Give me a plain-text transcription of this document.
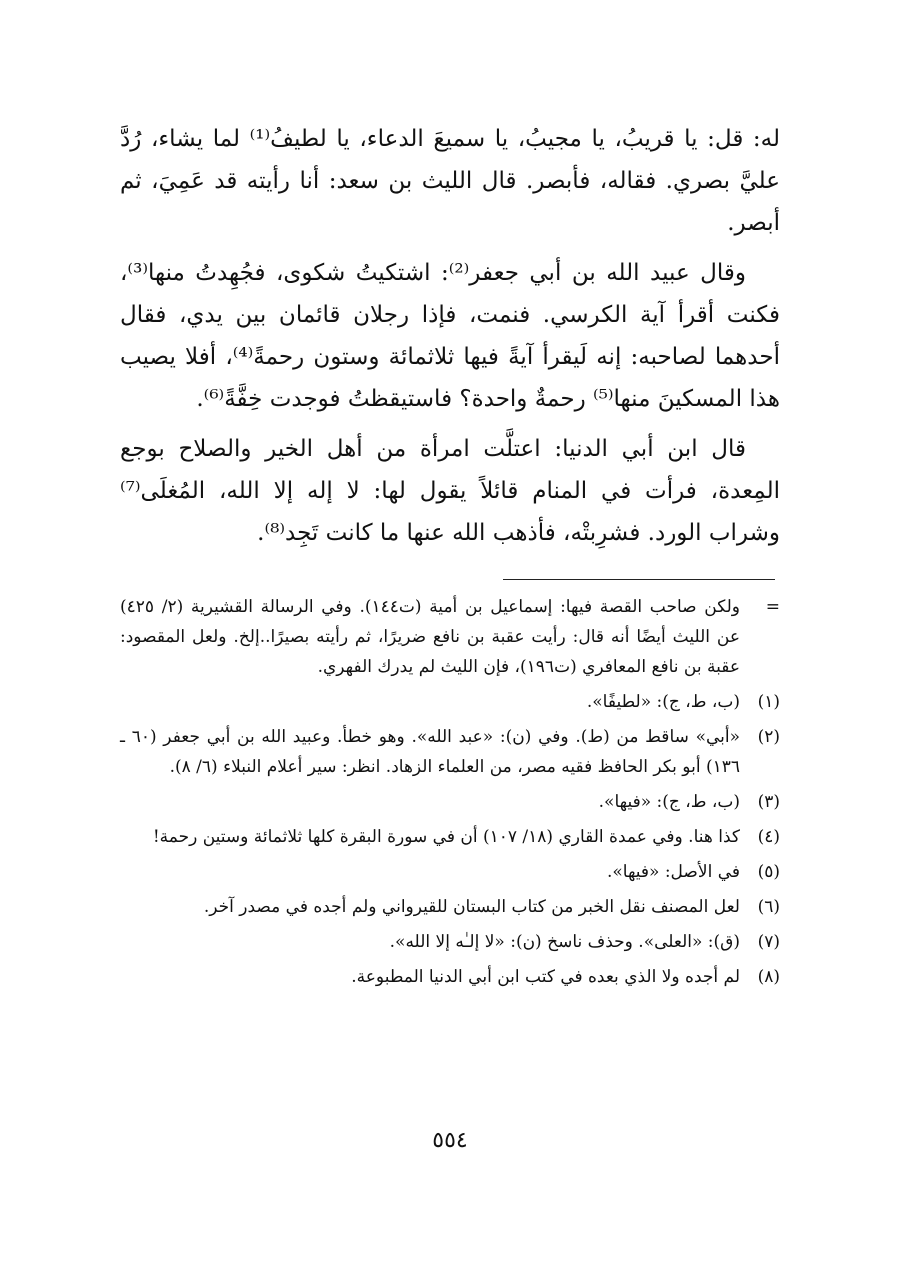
له: قل: يا قريبُ، يا مجيبُ، يا سميعَ الدعاء، يا لطيفُ⁽¹⁾ لما يشاء، رُدَّ عليَّ بصري. فقاله، فأبصر. قال الليث بن سعد: أنا رأيته قد عَمِيَ، ثم أبصر.

وقال عبيد الله بن أبي جعفر⁽²⁾: اشتكيتُ شكوى، فجُهِدتُ منها⁽³⁾، فكنت أقرأ آية الكرسي. فنمت، فإذا رجلان قائمان بين يدي، فقال أحدهما لصاحبه: إنه لَيقرأ آيةً فيها ثلاثمائة وستون رحمةً⁽⁴⁾، أفلا يصيب هذا المسكينَ منها⁽⁵⁾ رحمةٌ واحدة؟ فاستيقظتُ فوجدت خِفَّةً⁽⁶⁾.

قال ابن أبي الدنيا: اعتلَّت امرأة من أهل الخير والصلاح بوجع المِعدة، فرأت في المنام قائلاً يقول لها: لا إله إلا الله، المُغلَى⁽⁷⁾ وشراب الورد. فشرِبتْه، فأذهب الله عنها ما كانت تَجِد⁽⁸⁾.

=
ولكن صاحب القصة فيها: إسماعيل بن أمية (ت١٤٤). وفي الرسالة القشيرية (٢/ ٤٢٥) عن الليث أيضًا أنه قال: رأيت عقبة بن نافع ضريرًا، ثم رأيته بصيرًا..إلخ. ولعل المقصود: عقبة بن نافع المعافري (ت١٩٦)، فإن الليث لم يدرك الفهري.
(١)
(ب، ط، ج): «لطيفًا».
(٢)
«أبي» ساقط من (ط). وفي (ن): «عبد الله». وهو خطأ. وعبيد الله بن أبي جعفر (٦٠ ـ ١٣٦) أبو بكر الحافظ فقيه مصر، من العلماء الزهاد. انظر: سير أعلام النبلاء (٦/ ٨).
(٣)
(ب، ط، ج): «فيها».
(٤)
كذا هنا. وفي عمدة القاري (١٨/ ١٠٧) أن في سورة البقرة كلها ثلاثمائة وستين رحمة!
(٥)
في الأصل: «فيها».
(٦)
لعل المصنف نقل الخبر من كتاب البستان للقيرواني ولم أجده في مصدر آخر.
(٧)
(ق): «العلى». وحذف ناسخ (ن): «لا إلـٰه إلا الله».
(٨)
لم أجده ولا الذي بعده في كتب ابن أبي الدنيا المطبوعة.
٥٥٤
